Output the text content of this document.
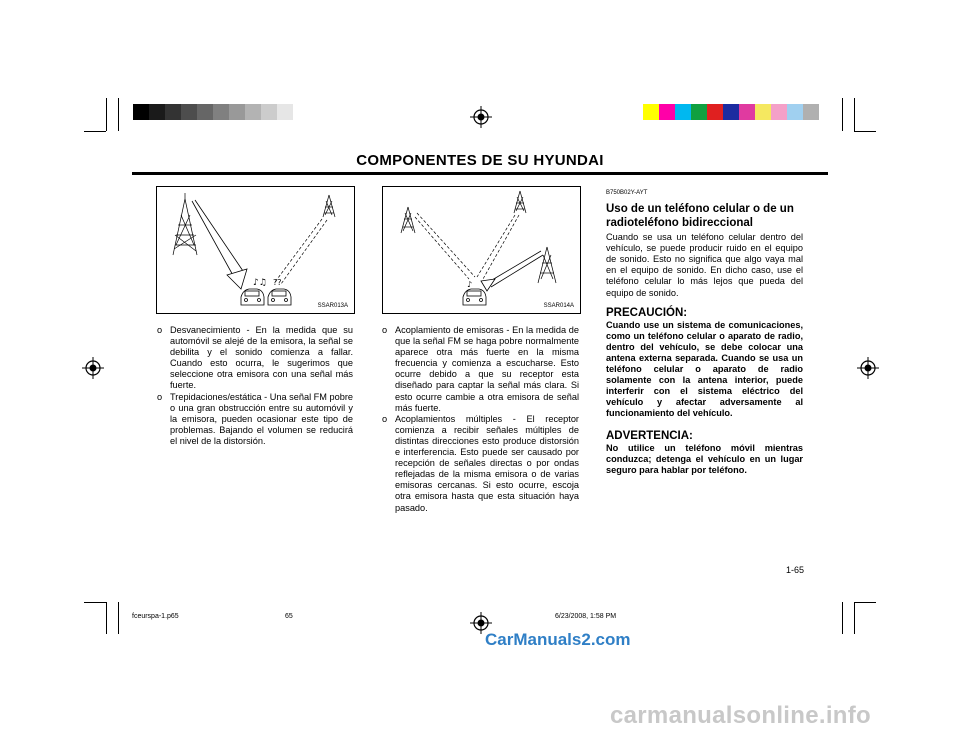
COMPONENTES DE SU HYUNDAI
♪♫ ??
SSAR013A
♪
SSAR014A
o Desvanecimiento - En la medida que su automóvil se alejé de la emisora, la señal se debilita y el sonido comienza a fallar. Cuando esto ocurra, le sugerimos que seleccione otra emisora con una señal más fuerte.
o Trepidaciones/estática - Una señal FM pobre o una gran obstrucción entre su automóvil y la emisora, pueden ocasionar este tipo de problemas. Bajando el volumen se reducirá el nivel de la distorsión.
o Acoplamiento de emisoras - En la medida de que la señal FM se haga pobre normalmente aparece otra más fuerte en la misma frecuencia y comienza a escucharse. Esto ocurre debido a que su receptor esta diseñado para captar la señal más clara. Si esto ocurre cambie a otra emisora de señal más fuerte.
o Acoplamientos múltiples - El receptor comienza a recibir señales múltiples de distintas direcciones esto produce distorsión e interferencia. Esto puede ser causado por recepción de señales directas o por ondas reflejadas de la misma emisora o de varias emisoras cercanas. Si esto ocurre, escoja otra emisora hasta que esta situación haya pasado.
B750B02Y-AYT
Uso de un teléfono celular o de un radioteléfono bidireccional

Cuando se usa un teléfono celular dentro del vehículo, se puede producir ruido en el equipo de sonido. Esto no significa que algo vaya mal en el equipo de sonido. En dicho caso, use el teléfono celular lo más lejos que pueda del equipo de sonido.

PRECAUCIÓN:

Cuando use un sistema de comunicaciones, como un teléfono celular o aparato de radio, dentro del vehículo, se debe colocar una antena externa separada. Cuando se usa un teléfono celular o aparato de radio solamente con la antena interior, puede interferir con el sistema eléctrico del vehículo y afectar adversamente al funcionamiento del vehículo.

ADVERTENCIA:

No utilice un teléfono móvil mientras conduzca; detenga el vehículo en un lugar seguro para hablar por teléfono.

1-65
fceurspa-1.p65	65	6/23/2008, 1:58 PM
CarManuals2.com
carmanualsonline.info
